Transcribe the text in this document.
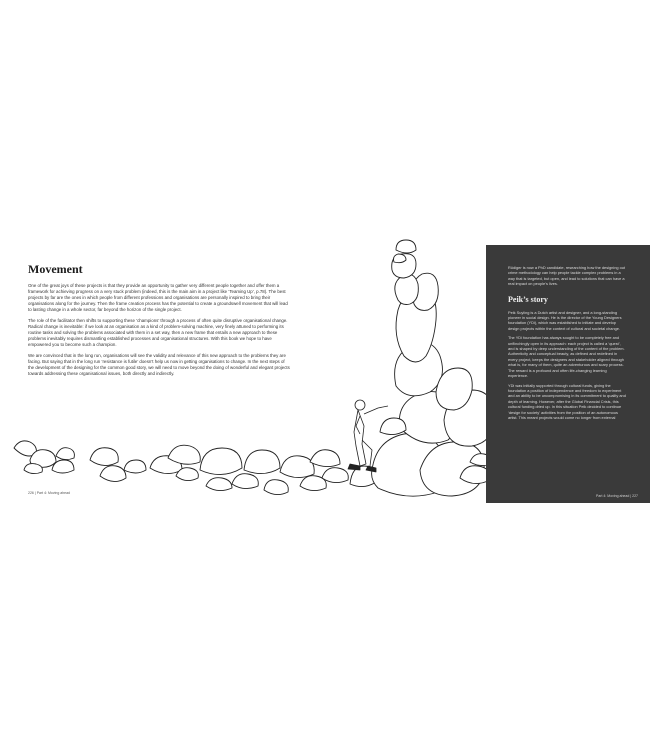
Movement

One of the great joys of these projects is that they provide an opportunity to gather very different people together and offer them a framework for achieving progress on a very stuck problem (indeed, this is the main aim in a project like ‘Teaming Up’, p.78). The best projects by far are the ones in which people from different professions and organisations are personally inspired to bring their organisations along for the journey. Then the frame creation process has the potential to create a groundswell movement that will lead to lasting change in a whole sector, far beyond the horizon of the single project.

The role of the facilitator then shifts to supporting these ‘champions’ through a process of often quite disruptive organisational change. Radical change is inevitable: if we look at an organisation as a kind of problem-solving machine, very finely attuned to performing its routine tasks and solving the problems associated with them in a set way, then a new frame that entails a new approach to these problems inevitably requires dismantling established processes and organisational structures. With this book we hope to have empowered you to become such a champion.

We are convinced that in the long run, organisations will see the validity and relevance of this new approach to the problems they are facing. But saying that in the long run ‘resistance is futile’ doesn’t help us now in getting organisations to change. In the next steps of the development of the designing for the common good story, we will need to move beyond the doing of wonderful and elegant projects towards addressing these organisational issues, both directly and indirectly.

226 | Part 4: Moving ahead

Rüdiger is now a PhD candidate, researching how the designing out crime methodology can help people tackle complex problems in a way that is targeted, but open, and lead to solutions that can have a real impact on people’s lives.

Peik’s story

Peik Suyling is a Dutch artist and designer, and a long-standing pioneer in social design. He is the director of the Young Designers foundation (YDi), which was established to initiate and develop design projects within the context of cultural and societal change.

The YDi foundation has always sought to be completely free and unflinchingly open in its approach: each project is called a ‘quest’, and is shaped by deep understanding of the content of the problem. Authenticity and conceptual beauty, as defined and redefined in every project, keeps the designers and stakeholder aligned through what is, for many of them, quite an adventurous and scary process. The reward is a profound and often life-changing learning experience.

YDi was initially supported through cultural funds, giving the foundation a position of independence and freedom to experiment and an ability to be uncompromising in its commitment to quality and depth of learning. However, after the Global Financial Crisis, this cultural funding dried up. In this situation Peik decided to continue ‘design for society’ activities from the position of an autonomous artist. This meant projects would come no longer from external

Part 4: Moving ahead | 227
